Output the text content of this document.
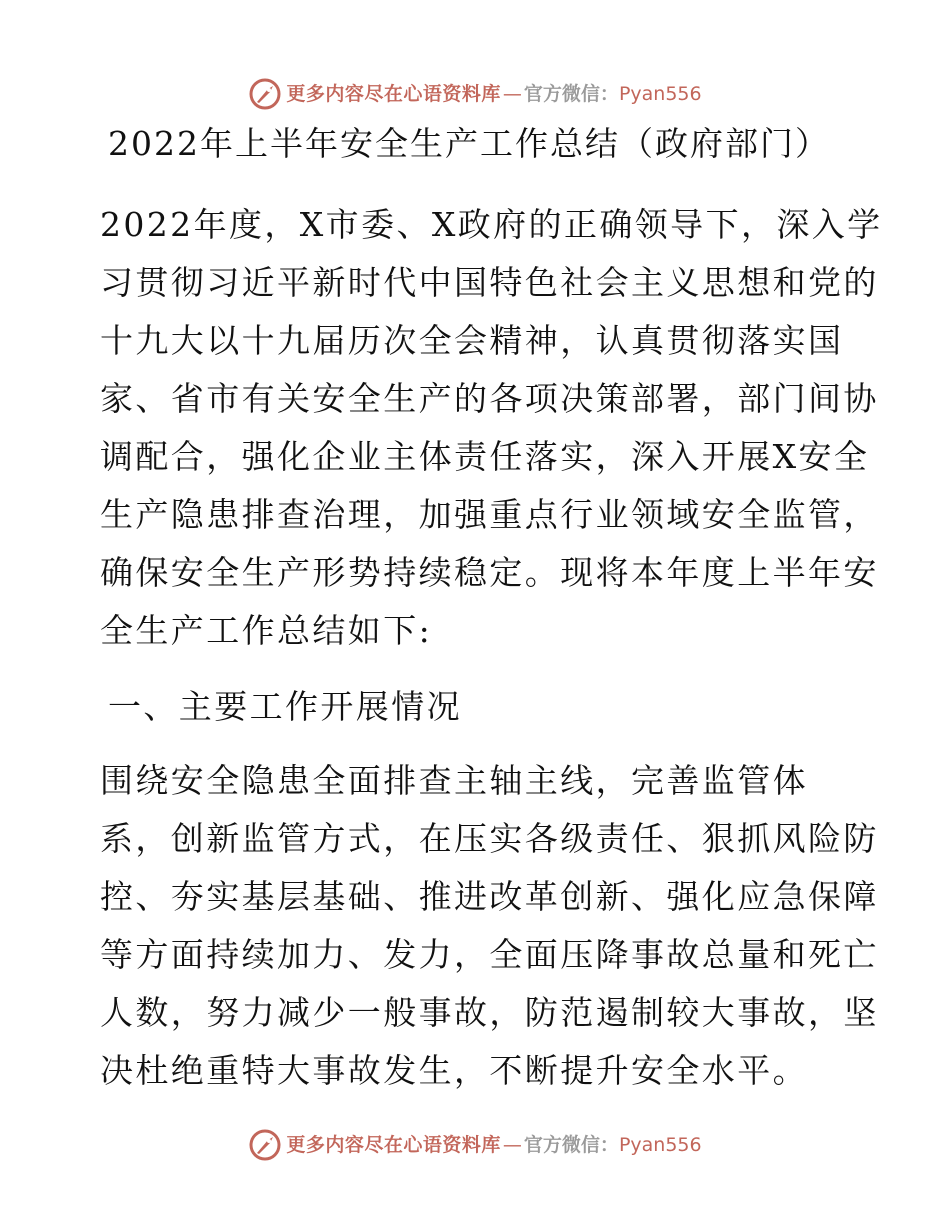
更多内容尽在心语资料库 — 官方微信： Pyan556
2022年上半年安全生产工作总结（政府部门）
2022年度，X市委、X政府的正确领导下，深入学
习贯彻习近平新时代中国特色社会主义思想和党的
十九大以十九届历次全会精神，认真贯彻落实国
家、省市有关安全生产的各项决策部署，部门间协
调配合，强化企业主体责任落实，深入开展X安全
生产隐患排查治理，加强重点行业领域安全监管，
确保安全生产形势持续稳定。现将本年度上半年安
全生产工作总结如下:
一、主要工作开展情况
围绕安全隐患全面排查主轴主线，完善监管体
系，创新监管方式，在压实各级责任、狠抓风险防
控、夯实基层基础、推进改革创新、强化应急保障
等方面持续加力、发力，全面压降事故总量和死亡
人数，努力减少一般事故，防范遏制较大事故，坚
决杜绝重特大事故发生，不断提升安全水平。
更多内容尽在心语资料库 — 官方微信： Pyan556
